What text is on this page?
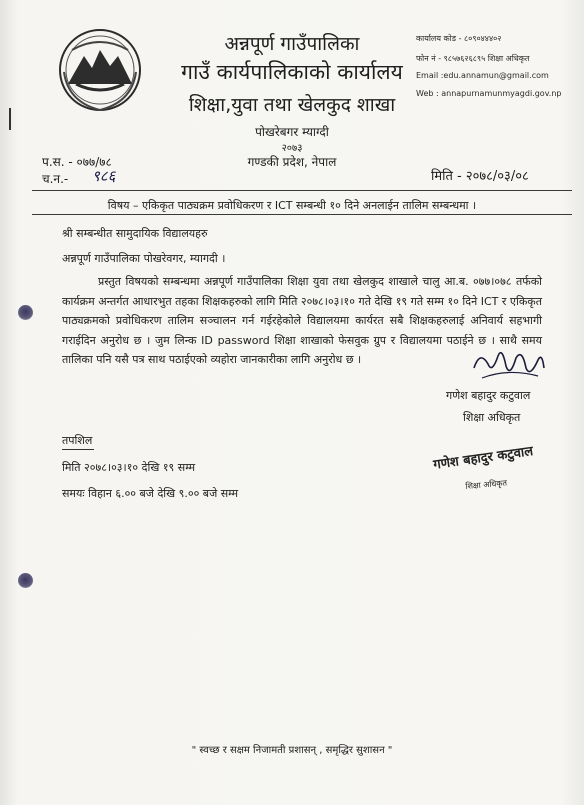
अन्नपूर्ण गाउँपालिका
गाउँ कार्यपालिकाको कार्यालय
शिक्षा,युवा तथा खेलकुद शाखा
पोखरेबगर म्याग्दी
२०७३
गण्डकी प्रदेश, नेपाल
कार्यालय कोड - ८०९०४४४०२
फोन नं - ९८५७६२६८९५ शिक्षा अधिकृत
Email :edu.annamun@gmail.com
Web : annapurnamunmyagdi.gov.np
प.स. - ०७७/७८
च.न.- ९८६	मिति - २०७८/०३/०८
विषय – एकिकृत पाठ्यक्रम प्रवोधिकरण र ICT सम्बन्धी १० दिने अनलाईन तालिम सम्बन्धमा ।
श्री सम्बन्धीत सामुदायिक विद्यालयहरु
अन्नपूर्ण गाउँपालिका पोखरेवगर, म्यागदी ।
प्रस्तुत विषयको सम्बन्धमा अन्नपूर्ण गाउँपालिका शिक्षा युवा तथा खेलकुद शाखाले चालु आ.ब. ०७७।०७८ तर्फको कार्यक्रम अन्तर्गत आधारभुत तहका शिक्षकहरुको लागि मिति २०७८।०३।१० गते देखि १९ गते सम्म १० दिने ICT र एकिकृत पाठ्यक्रमको प्रवोधिकरण तालिम सञ्चालन गर्न गईरहेकोले विद्यालयमा कार्यरत सबै शिक्षकहरुलाई अनिवार्य सहभागी गराईदिन अनुरोध छ । जुम लिन्क ID password शिक्षा शाखाको फेसवुक ग्रुप र विद्यालयमा पठाईने छ । साथै समय तालिका पनि यसै पत्र साथ पठाईएको व्यहोरा जानकारीका लागि अनुरोध छ ।
गणेश बहादुर कटुवाल
शिक्षा अधिकृत
गणेश बहादुर कटुवाल
शिक्षा अधिकृत
तपशिल
मिति २०७८।०३।१० देखि १९ सम्म
समयः विहान ६.०० बजे देखि ९.०० बजे सम्म
" स्वच्छ र सक्षम निजामती प्रशासन् , समृद्धिर सुशासन "
